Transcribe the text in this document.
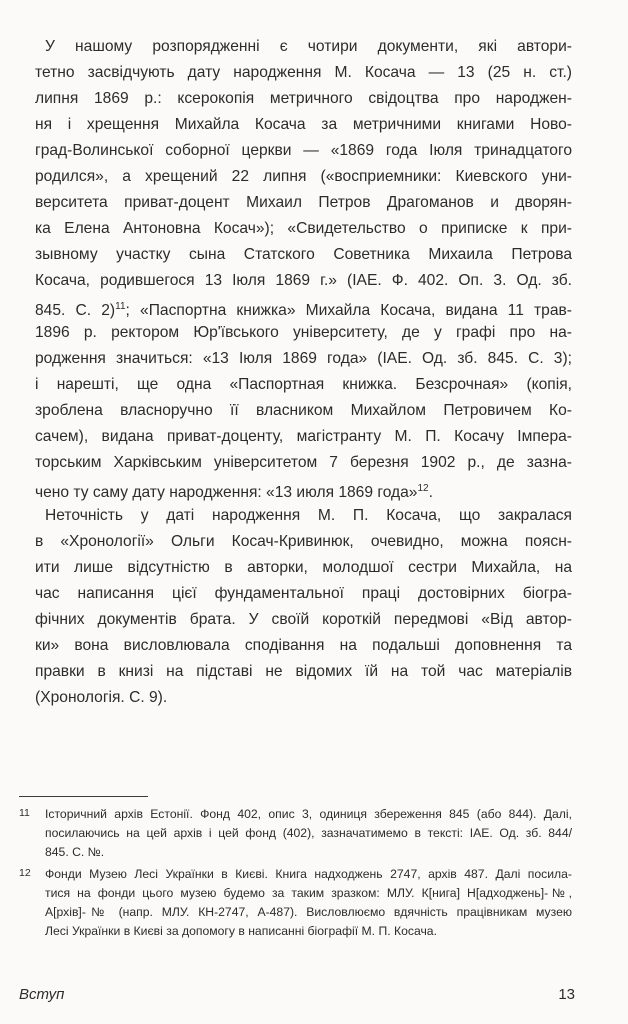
У нашому розпорядженні є чотири документи, які автори-

тетно засвідчують дату народження М. Косача — 13 (25 н. ст.)

липня 1869 р.: ксерокопія метричного свідоцтва про народжен-

ня і хрещення Михайла Косача за метричними книгами Ново-

град-Волинської соборної церкви — «1869 года Іюля тринадцатого

родился», а хрещений 22 липня («восприемники: Киевского уни-

верситета приват-доцент Михаил Петров Драгоманов и дворян-

ка Елена Антоновна Косач»); «Свидетельство о приписке к при-

зывному участку сына Статского Советника Михаила Петрова

Косача, родившегося 13 Іюля 1869 г.» (ІАЕ. Ф. 402. Оп. 3. Од. зб.

845. С. 2)$^{11}$; «Паспортна книжка» Михайла Косача, видана 11 трав-

1896 р. ректором Юр'ївського університету, де у графі про на-

родження значиться: «13 Іюля 1869 года» (ІАЕ. Од. зб. 845. С. 3);

і нарешті, ще одна «Паспортная книжка. Безсрочная» (копія,

зроблена власноручно її власником Михайлом Петровичем Ко-

сачем), видана приват-доценту, магістранту М. П. Косачу Імпера-

торським Харківським університетом 7 березня 1902 р., де зазна-

чено ту саму дату народження: «13 июля 1869 года»$^{12}$.

Неточність у даті народження М. П. Косача, що закралася

в «Хронології» Ольги Косач-Кривинюк, очевидно, можна поясн-

ити лише відсутністю в авторки, молодшої сестри Михайла, на

час написання цієї фундаментальної праці достовірних біогра-

фічних документів брата. У своїй короткій передмові «Від автор-

ки» вона висловлювала сподівання на подальші доповнення та

правки в книзі на підставі не відомих їй на той час матеріалів

(Хронологія. С. 9).

11 Історичний архів Естонії. Фонд 402, опис 3, одиниця збереження 845 (або 844). Далі,

посилаючись на цей архів і цей фонд (402), зазначатимемо в тексті: ІАЕ. Од. зб. 844/

845. С. №.

12 Фонди Музею Лесі Українки в Києві. Книга надходжень 2747, архів 487. Далі посила-

тися на фонди цього музею будемо за таким зразком: МЛУ. К[нига] Н[адходжень]-№,

А[рхів]-№ (напр. МЛУ. КН-2747, А-487). Висловлюємо вдячність працівникам музею

Лесі Українки в Києві за допомогу в написанні біографії М. П. Косача.

Вступ	13
